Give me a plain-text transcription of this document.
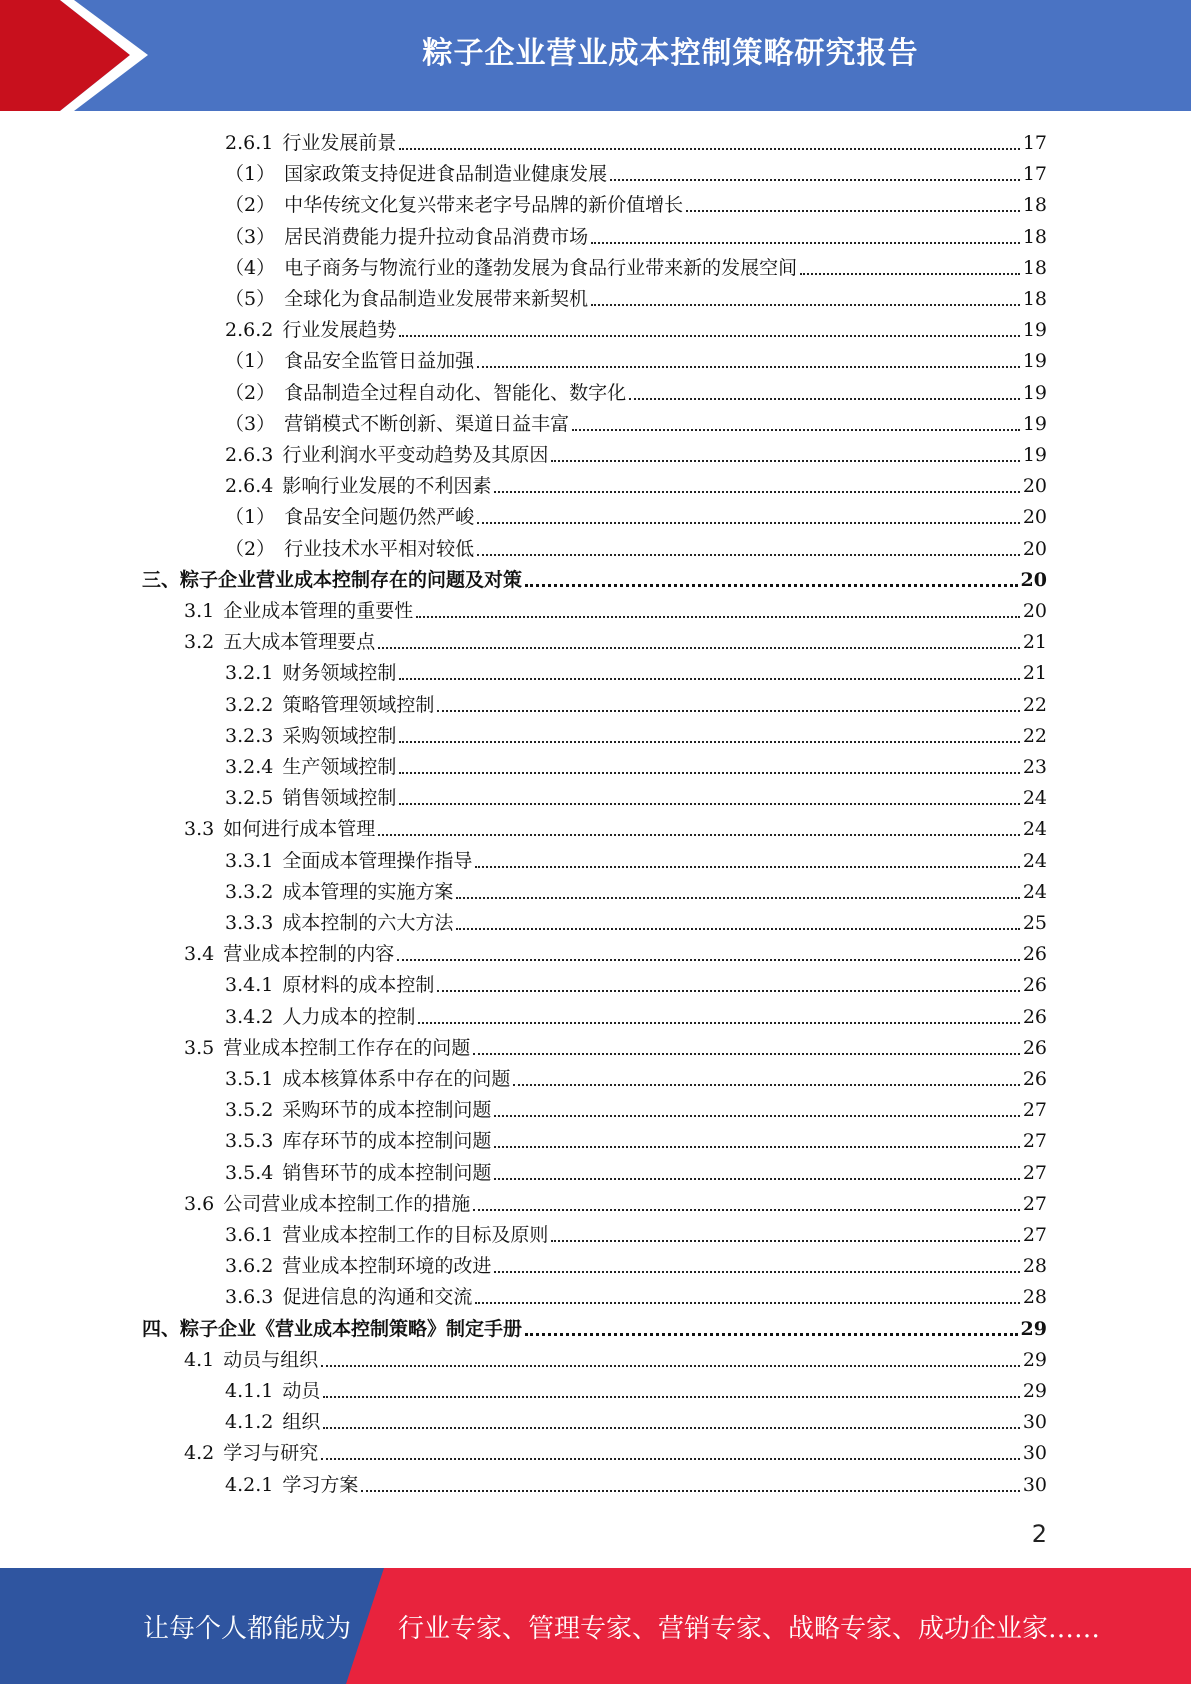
粽子企业营业成本控制策略研究报告
2.6.1 行业发展前景	17
（1） 国家政策支持促进食品制造业健康发展	17
（2） 中华传统文化复兴带来老字号品牌的新价值增长	18
（3） 居民消费能力提升拉动食品消费市场	18
（4） 电子商务与物流行业的蓬勃发展为食品行业带来新的发展空间	18
（5） 全球化为食品制造业发展带来新契机	18
2.6.2 行业发展趋势	19
（1） 食品安全监管日益加强	19
（2） 食品制造全过程自动化、智能化、数字化	19
（3） 营销模式不断创新、渠道日益丰富	19
2.6.3 行业利润水平变动趋势及其原因	19
2.6.4 影响行业发展的不利因素	20
（1） 食品安全问题仍然严峻	20
（2） 行业技术水平相对较低	20
三、粽子企业营业成本控制存在的问题及对策	20
3.1 企业成本管理的重要性	20
3.2 五大成本管理要点	21
3.2.1 财务领域控制	21
3.2.2 策略管理领域控制	22
3.2.3 采购领域控制	22
3.2.4 生产领域控制	23
3.2.5 销售领域控制	24
3.3 如何进行成本管理	24
3.3.1 全面成本管理操作指导	24
3.3.2 成本管理的实施方案	24
3.3.3 成本控制的六大方法	25
3.4 营业成本控制的内容	26
3.4.1 原材料的成本控制	26
3.4.2 人力成本的控制	26
3.5 营业成本控制工作存在的问题	26
3.5.1 成本核算体系中存在的问题	26
3.5.2 采购环节的成本控制问题	27
3.5.3 库存环节的成本控制问题	27
3.5.4 销售环节的成本控制问题	27
3.6 公司营业成本控制工作的措施	27
3.6.1 营业成本控制工作的目标及原则	27
3.6.2 营业成本控制环境的改进	28
3.6.3 促进信息的沟通和交流	28
四、粽子企业《营业成本控制策略》制定手册	29
4.1 动员与组织	29
4.1.1 动员	29
4.1.2 组织	30
4.2 学习与研究	30
4.2.1 学习方案	30
2
让每个人都能成为 行业专家、管理专家、营销专家、战略专家、成功企业家……
